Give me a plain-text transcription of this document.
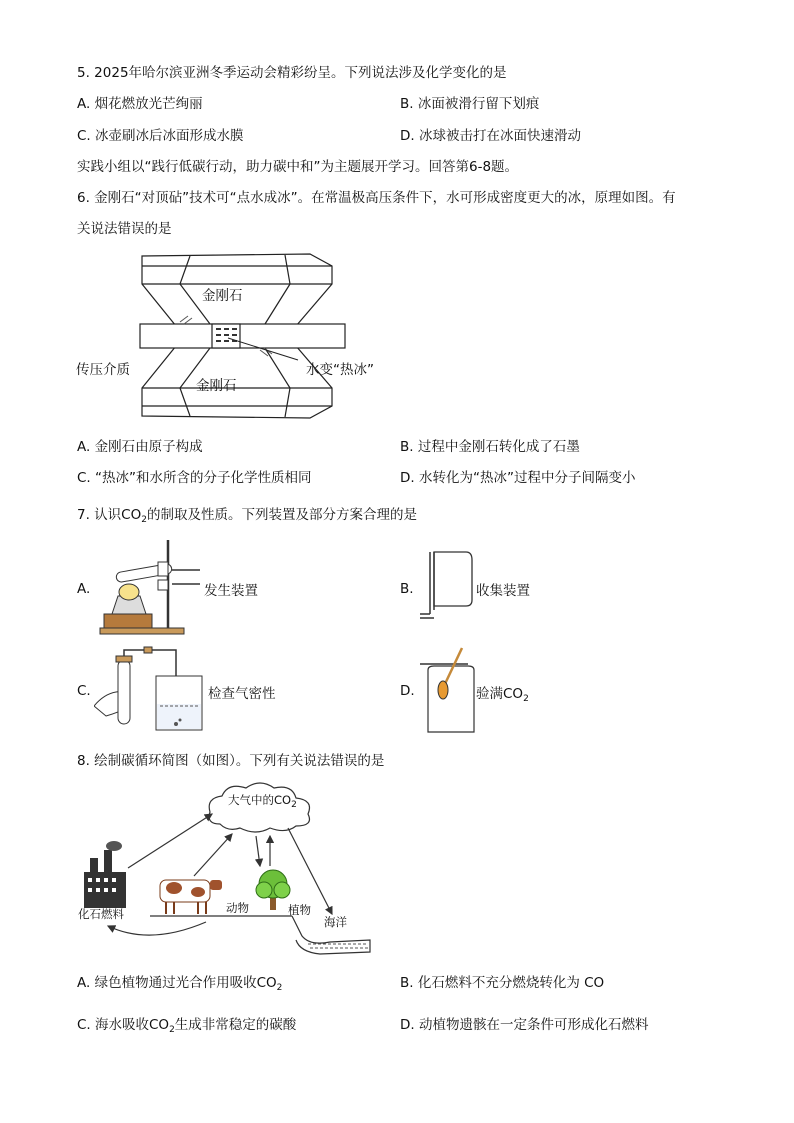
5. 2025年哈尔滨亚洲冬季运动会精彩纷呈。下列说法涉及化学变化的是
A. 烟花燃放光芒绚丽	B. 冰面被滑行留下划痕
C. 冰壶刷冰后冰面形成水膜	D. 冰球被击打在冰面快速滑动
实践小组以“践行低碳行动，助力碳中和”为主题展开学习。回答第6-8题。
6. 金刚石“对顶砧”技术可“点水成冰”。在常温极高压条件下，水可形成密度更大的冰，原理如图。有
关说法错误的是
金刚石
金刚石
传压介质	水变“热冰”
A. 金刚石由原子构成	B. 过程中金刚石转化成了石墨
C. “热冰”和水所含的分子化学性质相同	D. 水转化为“热冰”过程中分子间隔变小
7. 认识$CO_2$的制取及性质。下列装置及部分方案合理的是
A.	发生装置	B.	收集装置
C.	检查气密性	D.	验满$CO_2$
8. 绘制碳循环简图（如图）。下列有关说法错误的是
大气中的$CO_2$
化石燃料	动物	植物
海洋
A. 绿色植物通过光合作用吸收$CO_2$	B. 化石燃料不充分燃烧转化为 CO
C. 海水吸收$CO_2$生成非常稳定的碳酸	D. 动植物遗骸在一定条件可形成化石燃料
